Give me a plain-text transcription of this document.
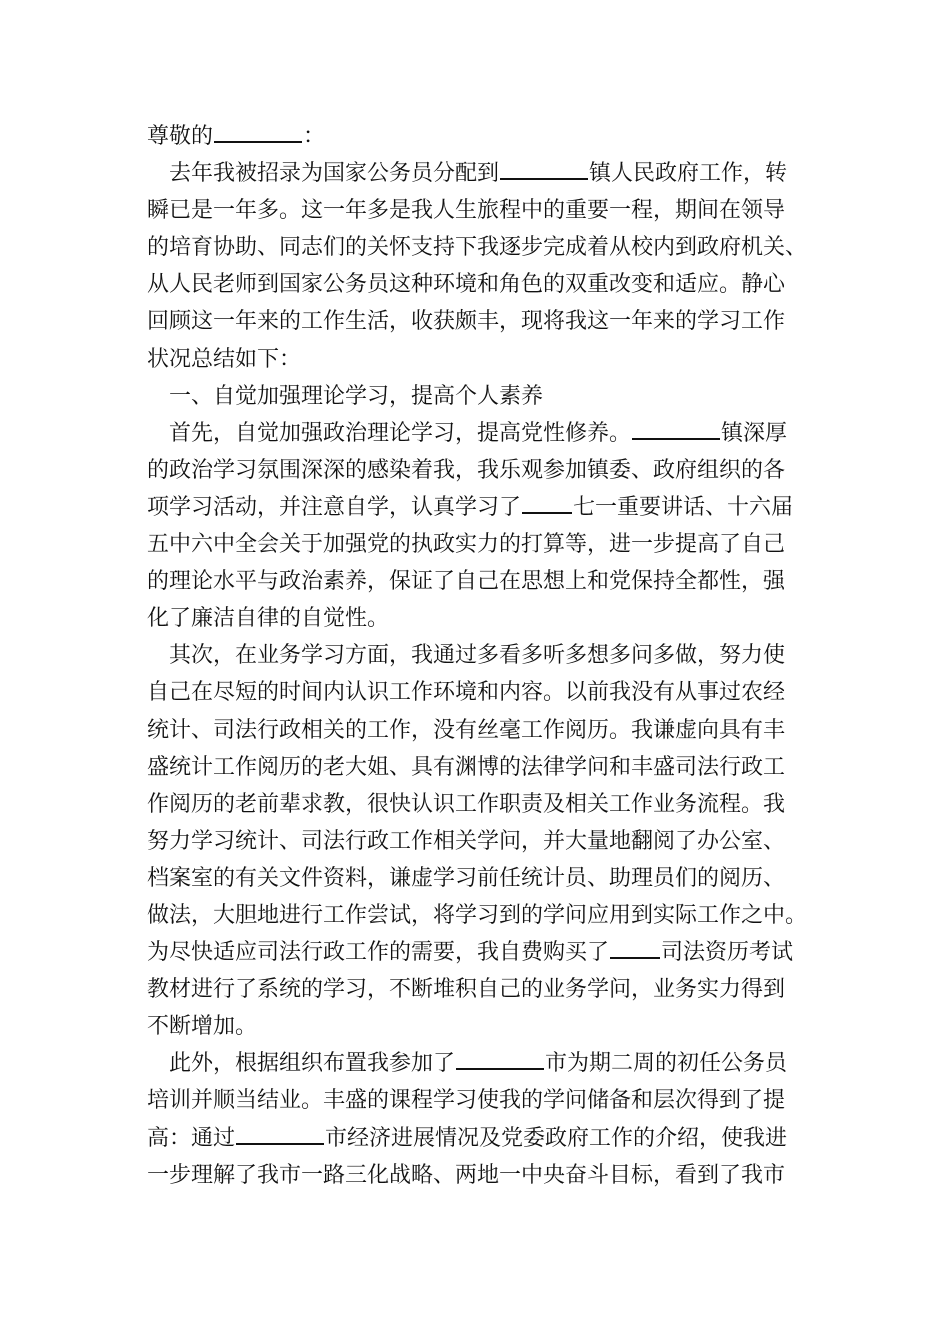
尊敬的	：
去年我被招录为国家公务员分配到	镇人民政府工作，转
瞬已是一年多。这一年多是我人生旅程中的重要一程，期间在领导
的培育协助、同志们的关怀支持下我逐步完成着从校内到政府机关、
从人民老师到国家公务员这种环境和角色的双重改变和适应。静心
回顾这一年来的工作生活，收获颇丰，现将我这一年来的学习工作
状况总结如下：
一、自觉加强理论学习，提高个人素养
首先，自觉加强政治理论学习，提高党性修养。	镇深厚
的政治学习氛围深深的感染着我，我乐观参加镇委、政府组织的各
项学习活动，并注意自学，认真学习了 七一重要讲话、十六届
五中六中全会关于加强党的执政实力的打算等，进一步提高了自己
的理论水平与政治素养，保证了自己在思想上和党保持全都性，强
化了廉洁自律的自觉性。
其次，在业务学习方面，我通过多看多听多想多问多做，努力使
自己在尽短的时间内认识工作环境和内容。以前我没有从事过农经
统计、司法行政相关的工作，没有丝毫工作阅历。我谦虚向具有丰
盛统计工作阅历的老大姐、具有渊博的法律学问和丰盛司法行政工
作阅历的老前辈求教，很快认识工作职责及相关工作业务流程。我
努力学习统计、司法行政工作相关学问，并大量地翻阅了办公室、
档案室的有关文件资料，谦虚学习前任统计员、助理员们的阅历、
做法，大胆地进行工作尝试，将学习到的学问应用到实际工作之中。
为尽快适应司法行政工作的需要，我自费购买了 司法资历考试
教材进行了系统的学习，不断堆积自己的业务学问，业务实力得到
不断增加。
此外，根据组织布置我参加了	市为期二周的初任公务员
培训并顺当结业。丰盛的课程学习使我的学问储备和层次得到了提
高：通过	市经济进展情况及党委政府工作的介绍，使我进
一步理解了我市一路三化战略、两地一中央奋斗目标，看到了我市
